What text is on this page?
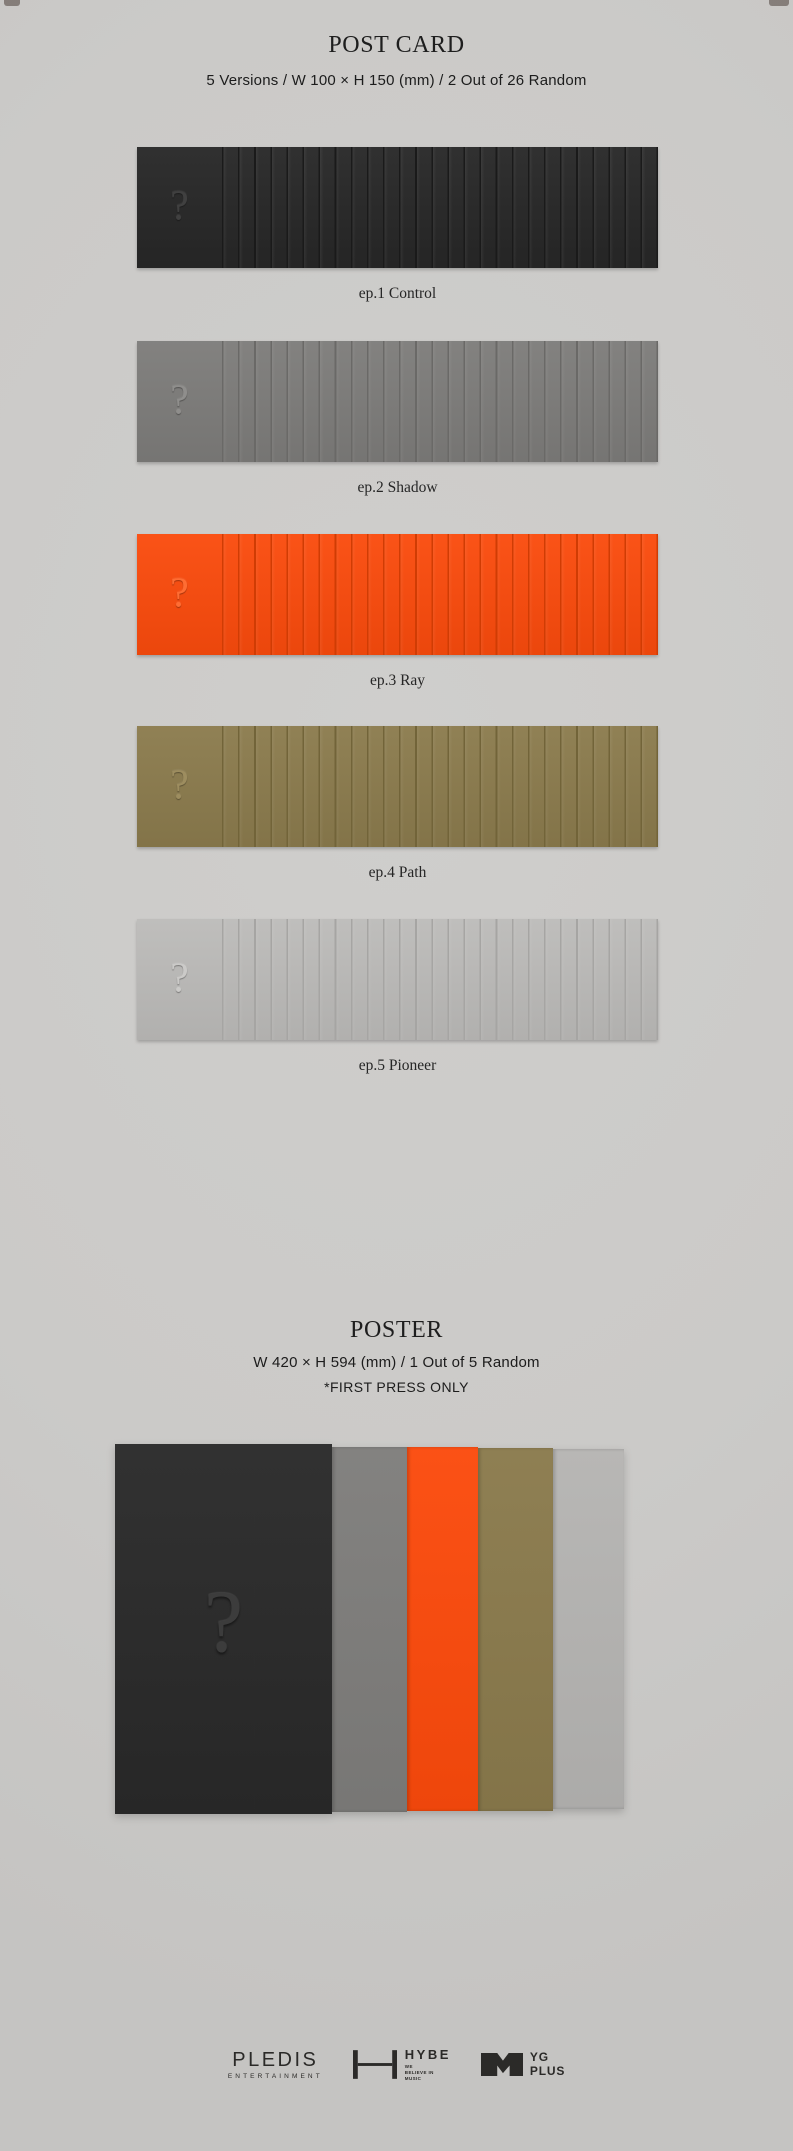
POST CARD

5 Versions / W 100 × H 150 (mm) / 2 Out of 26 Random

?
ep.1 Control
?
ep.2 Shadow
?
ep.3 Ray
?
ep.4 Path
?
ep.5 Pioneer
POSTER

W 420 × H 594 (mm) / 1 Out of 5 Random

*FIRST PRESS ONLY

?
PLEDIS
ENTERTAINMENT
HYBE
WE
BELIEVE IN
MUSIC
YG
PLUS
